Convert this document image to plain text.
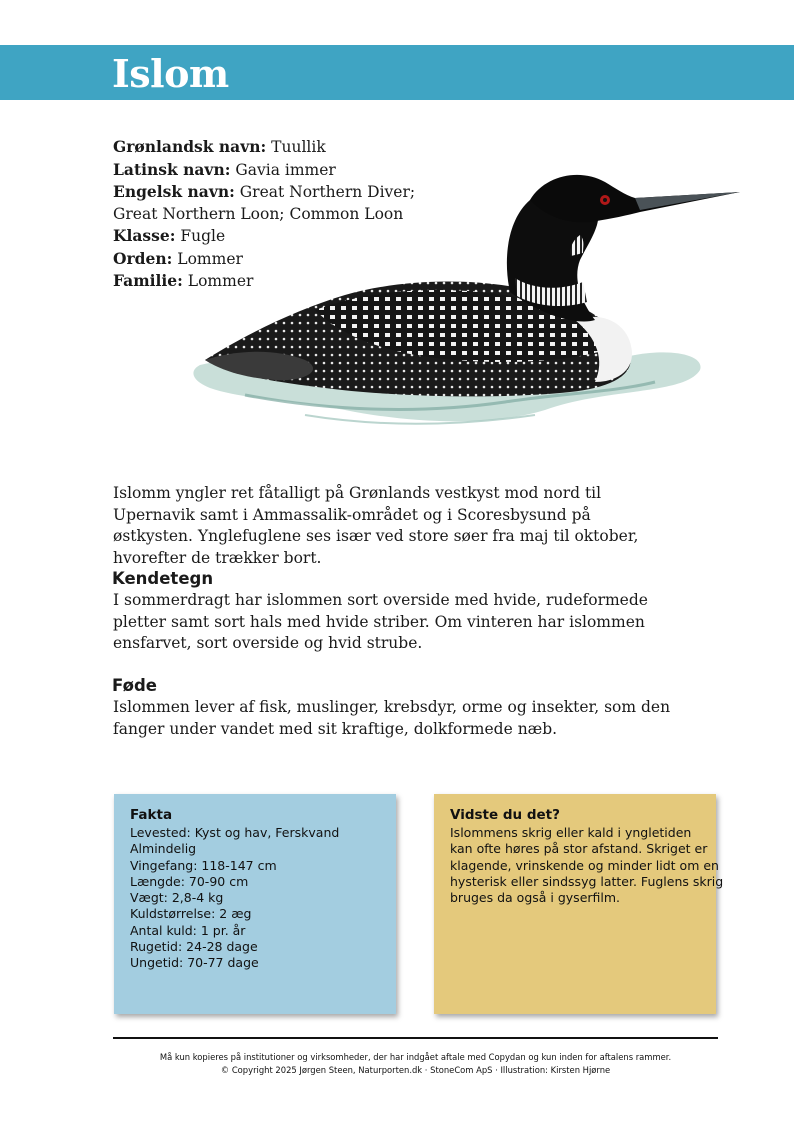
Islom
Grønlandsk navn: Tuullik
Latinsk navn: Gavia immer
Engelsk navn: Great Northern Diver; Great Northern Loon; Common Loon
Klasse: Fugle
Orden: Lommer
Familie: Lommer

Islomm yngler ret fåtalligt på Grønlands vestkyst mod nord til Upernavik samt i Ammassalik-området og i Scoresbysund på østkysten. Ynglefuglene ses især ved store søer fra maj til oktober, hvorefter de trækker bort.

Kendetegn

I sommerdragt har islommen sort overside med hvide, rudeformede pletter samt sort hals med hvide striber. Om vinteren har islommen ensfarvet, sort overside og hvid strube.

Føde

Islommen lever af fisk, muslinger, krebsdyr, orme og insekter, som den fanger under vandet med sit kraftige, dolkformede næb.

Fakta
Levested: Kyst og hav, Ferskvand
Almindelig
Vingefang: 118-147 cm
Længde: 70-90 cm
Vægt: 2,8-4 kg
Kuldstørrelse: 2 æg
Antal kuld: 1 pr. år
Rugetid: 24-28 dage
Ungetid: 70-77 dage
Vidste du det?
Islommens skrig eller kald i yngletiden
kan ofte høres på stor afstand. Skriget er
klagende, vrinskende og minder lidt om en
hysterisk eller sindssyg latter. Fuglens skrig
bruges da også i gyserfilm.
Må kun kopieres på institutioner og virksomheder, der har indgået aftale med Copydan og kun inden for aftalens rammer.
© Copyright 2025 Jørgen Steen, Naturporten.dk · StoneCom ApS · Illustration: Kirsten Hjørne
